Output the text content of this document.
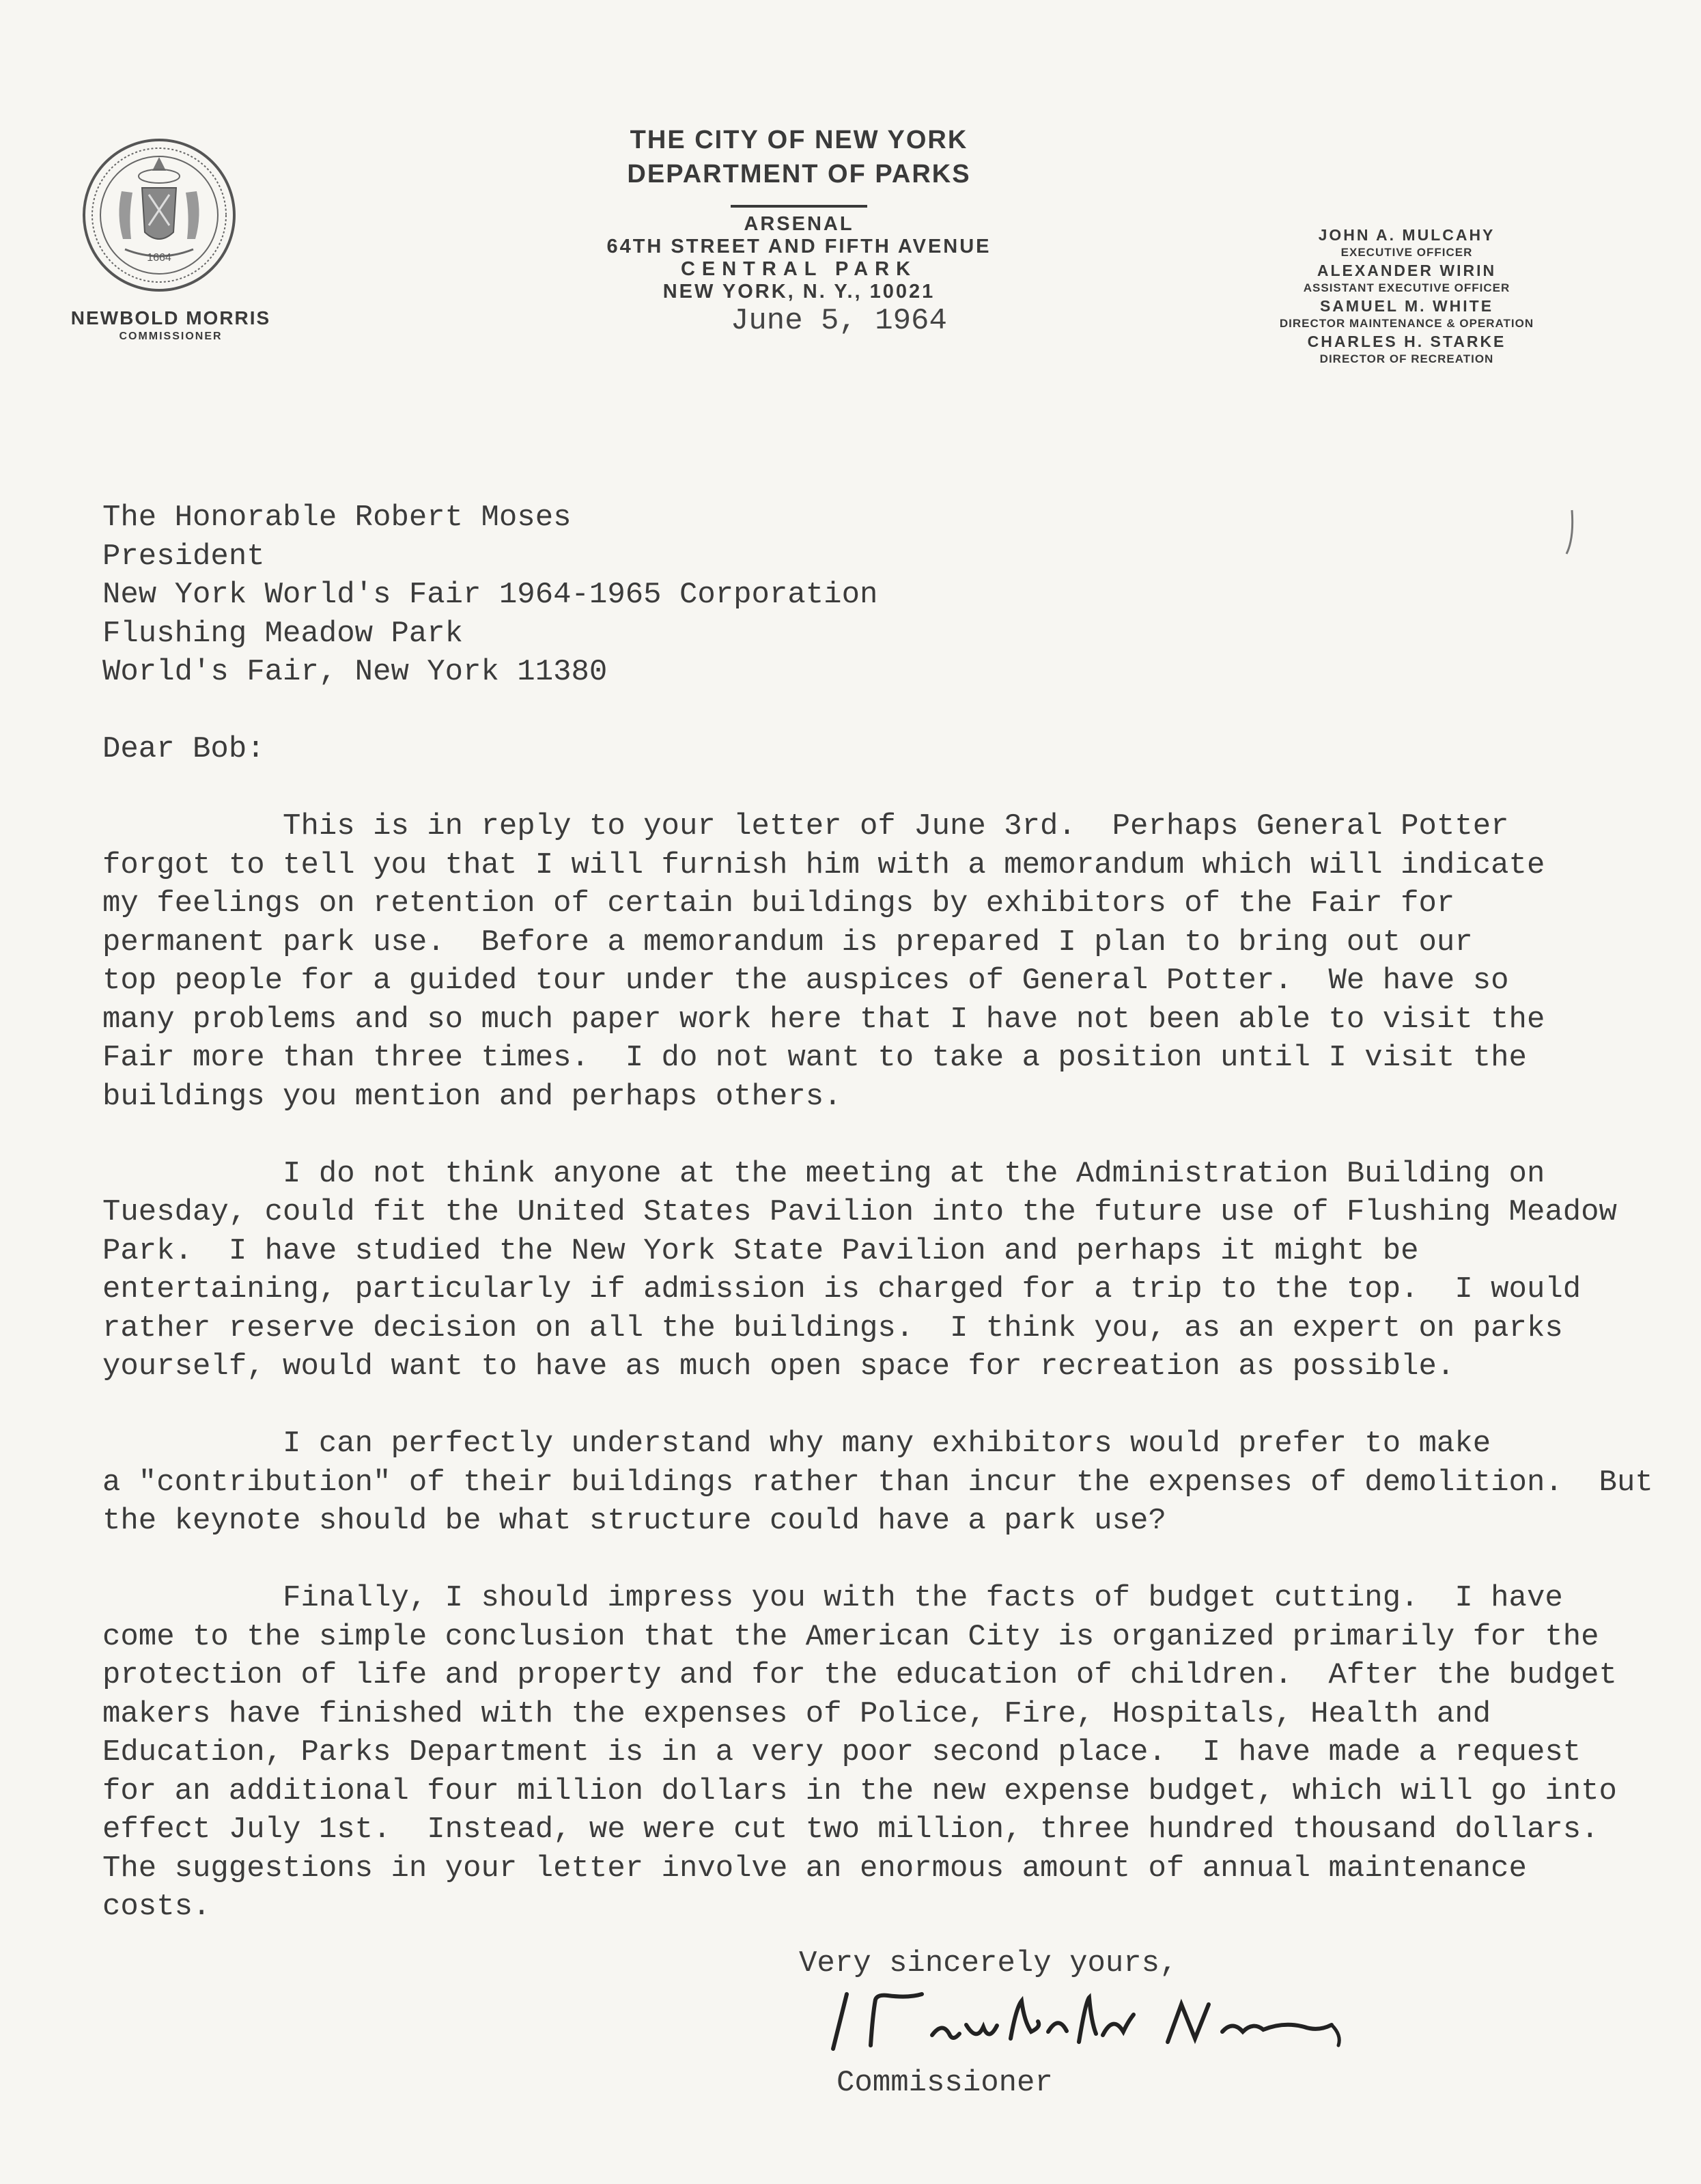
1664
NEWBOLD MORRIS
COMMISSIONER
THE CITY OF NEW YORK
DEPARTMENT OF PARKS
ARSENAL
64TH STREET AND FIFTH AVENUE
CENTRAL PARK
NEW YORK, N. Y., 10021
June 5, 1964
JOHN A. MULCAHY
EXECUTIVE OFFICER
ALEXANDER WIRIN
ASSISTANT EXECUTIVE OFFICER
SAMUEL M. WHITE
DIRECTOR MAINTENANCE & OPERATION
CHARLES H. STARKE
DIRECTOR OF RECREATION
The Honorable Robert Moses
President
New York World's Fair 1964-1965 Corporation
Flushing Meadow Park
World's Fair, New York 11380
Dear Bob:
This is in reply to your letter of June 3rd.  Perhaps General Potter
forgot to tell you that I will furnish him with a memorandum which will indicate
my feelings on retention of certain buildings by exhibitors of the Fair for
permanent park use.  Before a memorandum is prepared I plan to bring out our
top people for a guided tour under the auspices of General Potter.  We have so
many problems and so much paper work here that I have not been able to visit the
Fair more than three times.  I do not want to take a position until I visit the
buildings you mention and perhaps others.
I do not think anyone at the meeting at the Administration Building on
Tuesday, could fit the United States Pavilion into the future use of Flushing Meadow
Park.  I have studied the New York State Pavilion and perhaps it might be
entertaining, particularly if admission is charged for a trip to the top.  I would
rather reserve decision on all the buildings.  I think you, as an expert on parks
yourself, would want to have as much open space for recreation as possible.
I can perfectly understand why many exhibitors would prefer to make
a "contribution" of their buildings rather than incur the expenses of demolition.  But
the keynote should be what structure could have a park use?
Finally, I should impress you with the facts of budget cutting.  I have
come to the simple conclusion that the American City is organized primarily for the
protection of life and property and for the education of children.  After the budget
makers have finished with the expenses of Police, Fire, Hospitals, Health and
Education, Parks Department is in a very poor second place.  I have made a request
for an additional four million dollars in the new expense budget, which will go into
effect July 1st.  Instead, we were cut two million, three hundred thousand dollars.
The suggestions in your letter involve an enormous amount of annual maintenance
costs.
Very sincerely yours,
Commissioner
